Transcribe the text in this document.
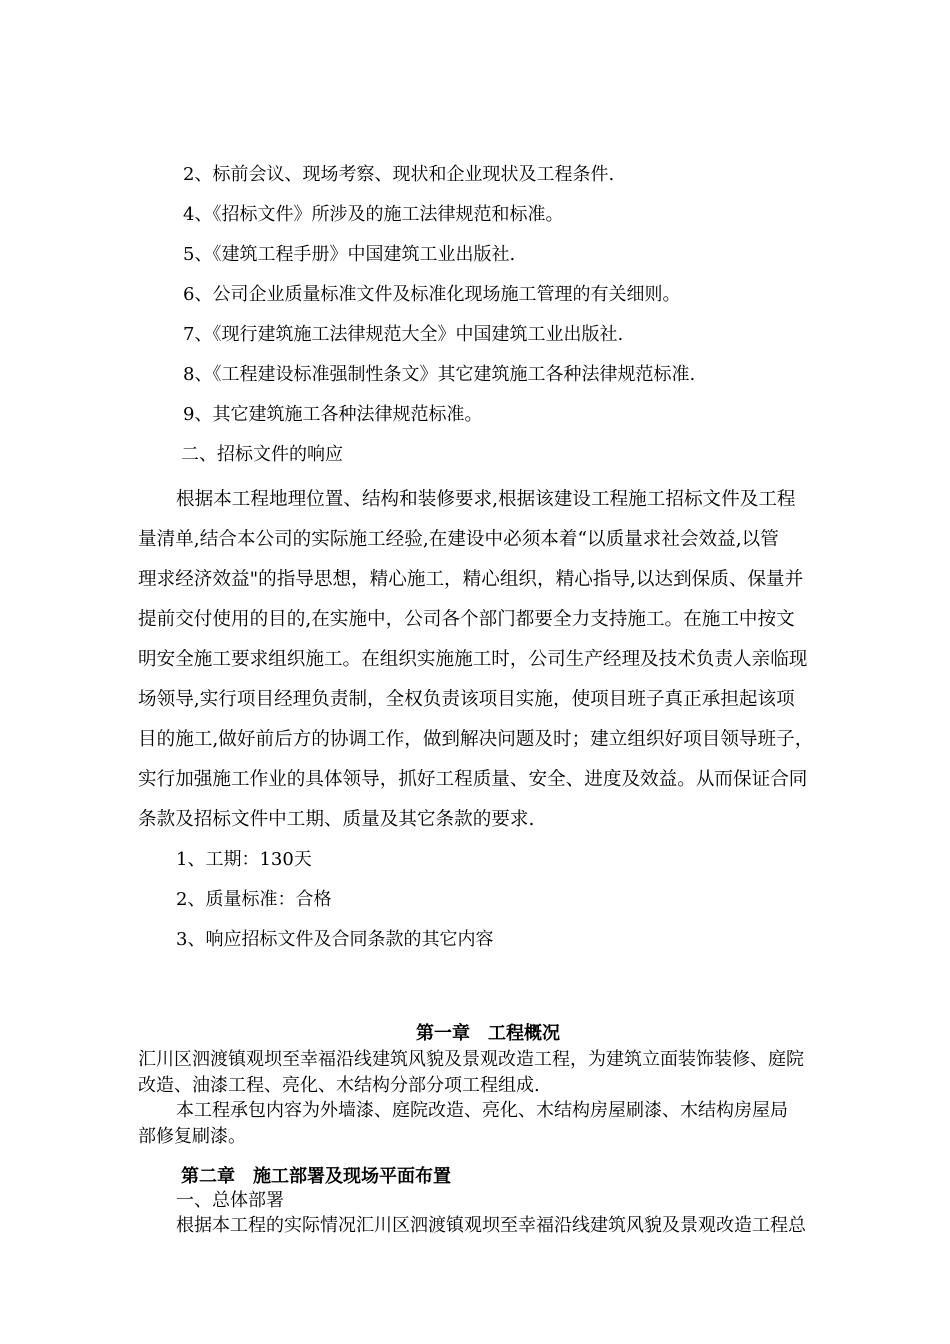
2、标前会议、现场考察、现状和企业现状及工程条件.
4、《招标文件》所涉及的施工法律规范和标准。
5、《建筑工程手册》中国建筑工业出版社.
6、公司企业质量标准文件及标准化现场施工管理的有关细则。
7、《现行建筑施工法律规范大全》中国建筑工业出版社.
8、《工程建设标准强制性条文》其它建筑施工各种法律规范标准.
9、其它建筑施工各种法律规范标准。
二、招标文件的响应
根据本工程地理位置、结构和装修要求,根据该建设工程施工招标文件及工程
量清单,结合本公司的实际施工经验,在建设中必须本着“以质量求社会效益,以管
理求经济效益"的指导思想，精心施工，精心组织，精心指导,以达到保质、保量并
提前交付使用的目的,在实施中，公司各个部门都要全力支持施工。在施工中按文
明安全施工要求组织施工。在组织实施施工时，公司生产经理及技术负责人亲临现
场领导,实行项目经理负责制，全权负责该项目实施，使项目班子真正承担起该项
目的施工,做好前后方的协调工作，做到解决问题及时；建立组织好项目领导班子，
实行加强施工作业的具体领导，抓好工程质量、安全、进度及效益。从而保证合同
条款及招标文件中工期、质量及其它条款的要求.
1、工期：130天
2、质量标准：合格
3、响应招标文件及合同条款的其它内容
第一章　工程概况
汇川区泗渡镇观坝至幸福沿线建筑风貌及景观改造工程，为建筑立面装饰装修、庭院
改造、油漆工程、亮化、木结构分部分项工程组成.
本工程承包内容为外墙漆、庭院改造、亮化、木结构房屋刷漆、木结构房屋局
部修复刷漆。
第二章　施工部署及现场平面布置
一、总体部署
根据本工程的实际情况汇川区泗渡镇观坝至幸福沿线建筑风貌及景观改造工程总
